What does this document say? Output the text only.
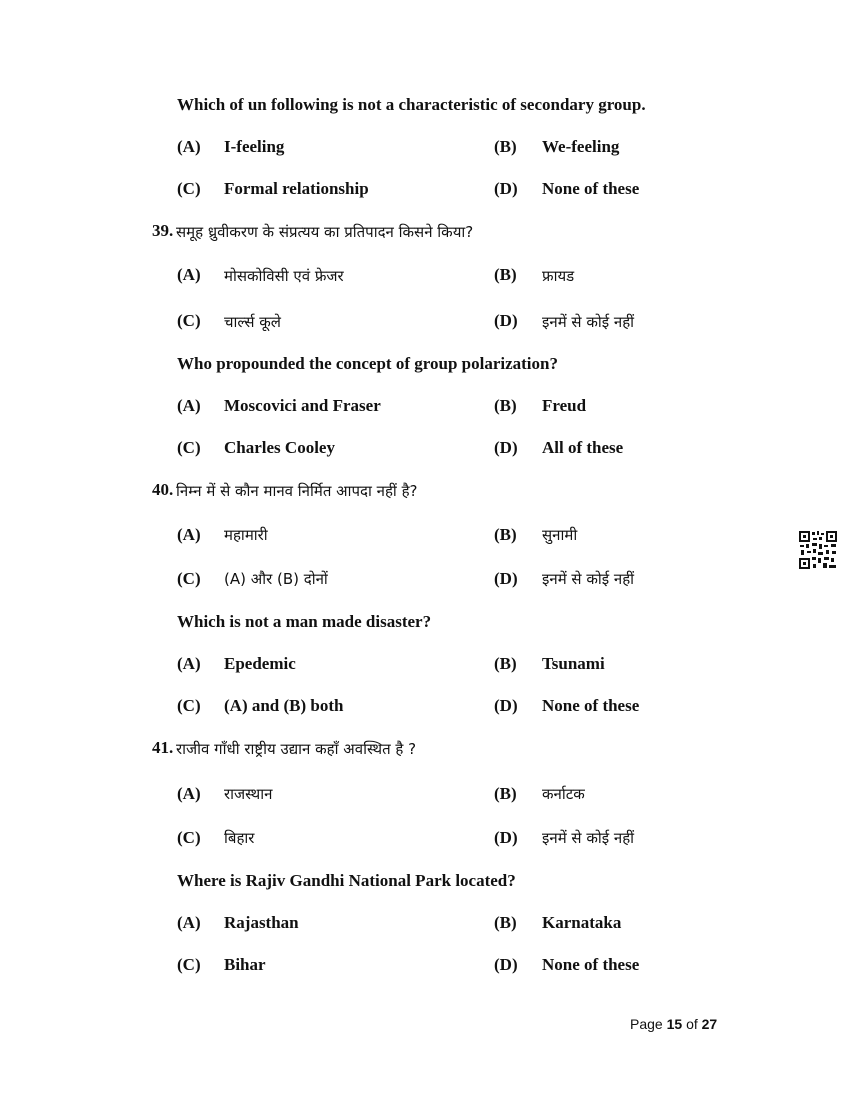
Which of un following is not a characteristic of secondary group.
(A) I-feeling	(B) We-feeling
(C) Formal relationship	(D) None of these
39. समूह ध्रुवीकरण के संप्रत्यय का प्रतिपादन किसने किया?
(A) मोसकोविसी एवं फ्रेजर	(B) फ्रायड
(C) चार्ल्स कूले	(D) इनमें से कोई नहीं
Who propounded the concept of group polarization?
(A) Moscovici and Fraser	(B) Freud
(C) Charles Cooley	(D) All of these
40. निम्न में से कौन मानव निर्मित आपदा नहीं है?
(A) महामारी	(B) सुनामी
(C) (A) और (B) दोनों	(D) इनमें से कोई नहीं
Which is not a man made disaster?
(A) Epedemic	(B) Tsunami
(C) (A) and (B) both	(D) None of these
41. राजीव गाँधी राष्ट्रीय उद्यान कहाँ अवस्थित है ?
(A) राजस्थान	(B) कर्नाटक
(C) बिहार	(D) इनमें से कोई नहीं
Where is Rajiv Gandhi National Park located?
(A) Rajasthan	(B) Karnataka
(C) Bihar	(D) None of these
Page 15 of 27
